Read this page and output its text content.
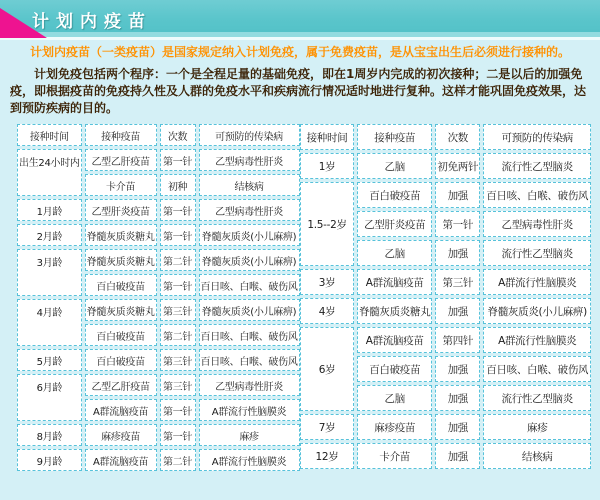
计划内疫苗
计划内疫苗（一类疫苗）是国家规定纳入计划免疫，属于免费疫苗，是从宝宝出生后必须进行接种的。
计划免疫包括两个程序：一个是全程足量的基础免疫，即在1周岁内完成的初次接种；二是以后的加强免疫，即根据疫苗的免疫持久性及人群的免疫水平和疾病流行情况适时地进行复种。这样才能巩固免疫效果，达到预防疾病的目的。
接种时间	接种疫苗	次数	可预防的传染病
出生24小时内	乙型乙肝疫苗	第一针	乙型病毒性肝炎
	卡介苗	初种	结核病
1月龄	乙型肝炎疫苗	第一针	乙型病毒性肝炎
2月龄	脊髓灰质炎糖丸	第一针	脊髓灰质炎(小儿麻痹)
3月龄	脊髓灰质炎糖丸	第二针	脊髓灰质炎(小儿麻痹)
	百白破疫苗	第一针	百日咳、白喉、破伤风
4月龄	脊髓灰质炎糖丸	第三针	脊髓灰质炎(小儿麻痹)
	百白破疫苗	第二针	百日咳、白喉、破伤风
5月龄	百白破疫苗	第三针	百日咳、白喉、破伤风
6月龄	乙型乙肝疫苗	第三针	乙型病毒性肝炎
	A群流脑疫苗	第一针	A群流行性脑膜炎
8月龄	麻疹疫苗	第一针	麻疹
9月龄	A群流脑疫苗	第二针	A群流行性脑膜炎
接种时间	接种疫苗	次数	可预防的传染病
1岁	乙脑	初免两针	流行性乙型脑炎
1.5--2岁	百白破疫苗	加强	百日咳、白喉、破伤风
	乙型肝炎疫苗	第一针	乙型病毒性肝炎
	乙脑	加强	流行性乙型脑炎
3岁	A群流脑疫苗	第三针	A群流行性脑膜炎
4岁	脊髓灰质炎糖丸	加强	脊髓灰质炎(小儿麻痹)
6岁	A群流脑疫苗	第四针	A群流行性脑膜炎
	百白破疫苗	加强	百日咳、白喉、破伤风
	乙脑	加强	流行性乙型脑炎
7岁	麻疹疫苗	加强	麻疹
12岁	卡介苗	加强	结核病
